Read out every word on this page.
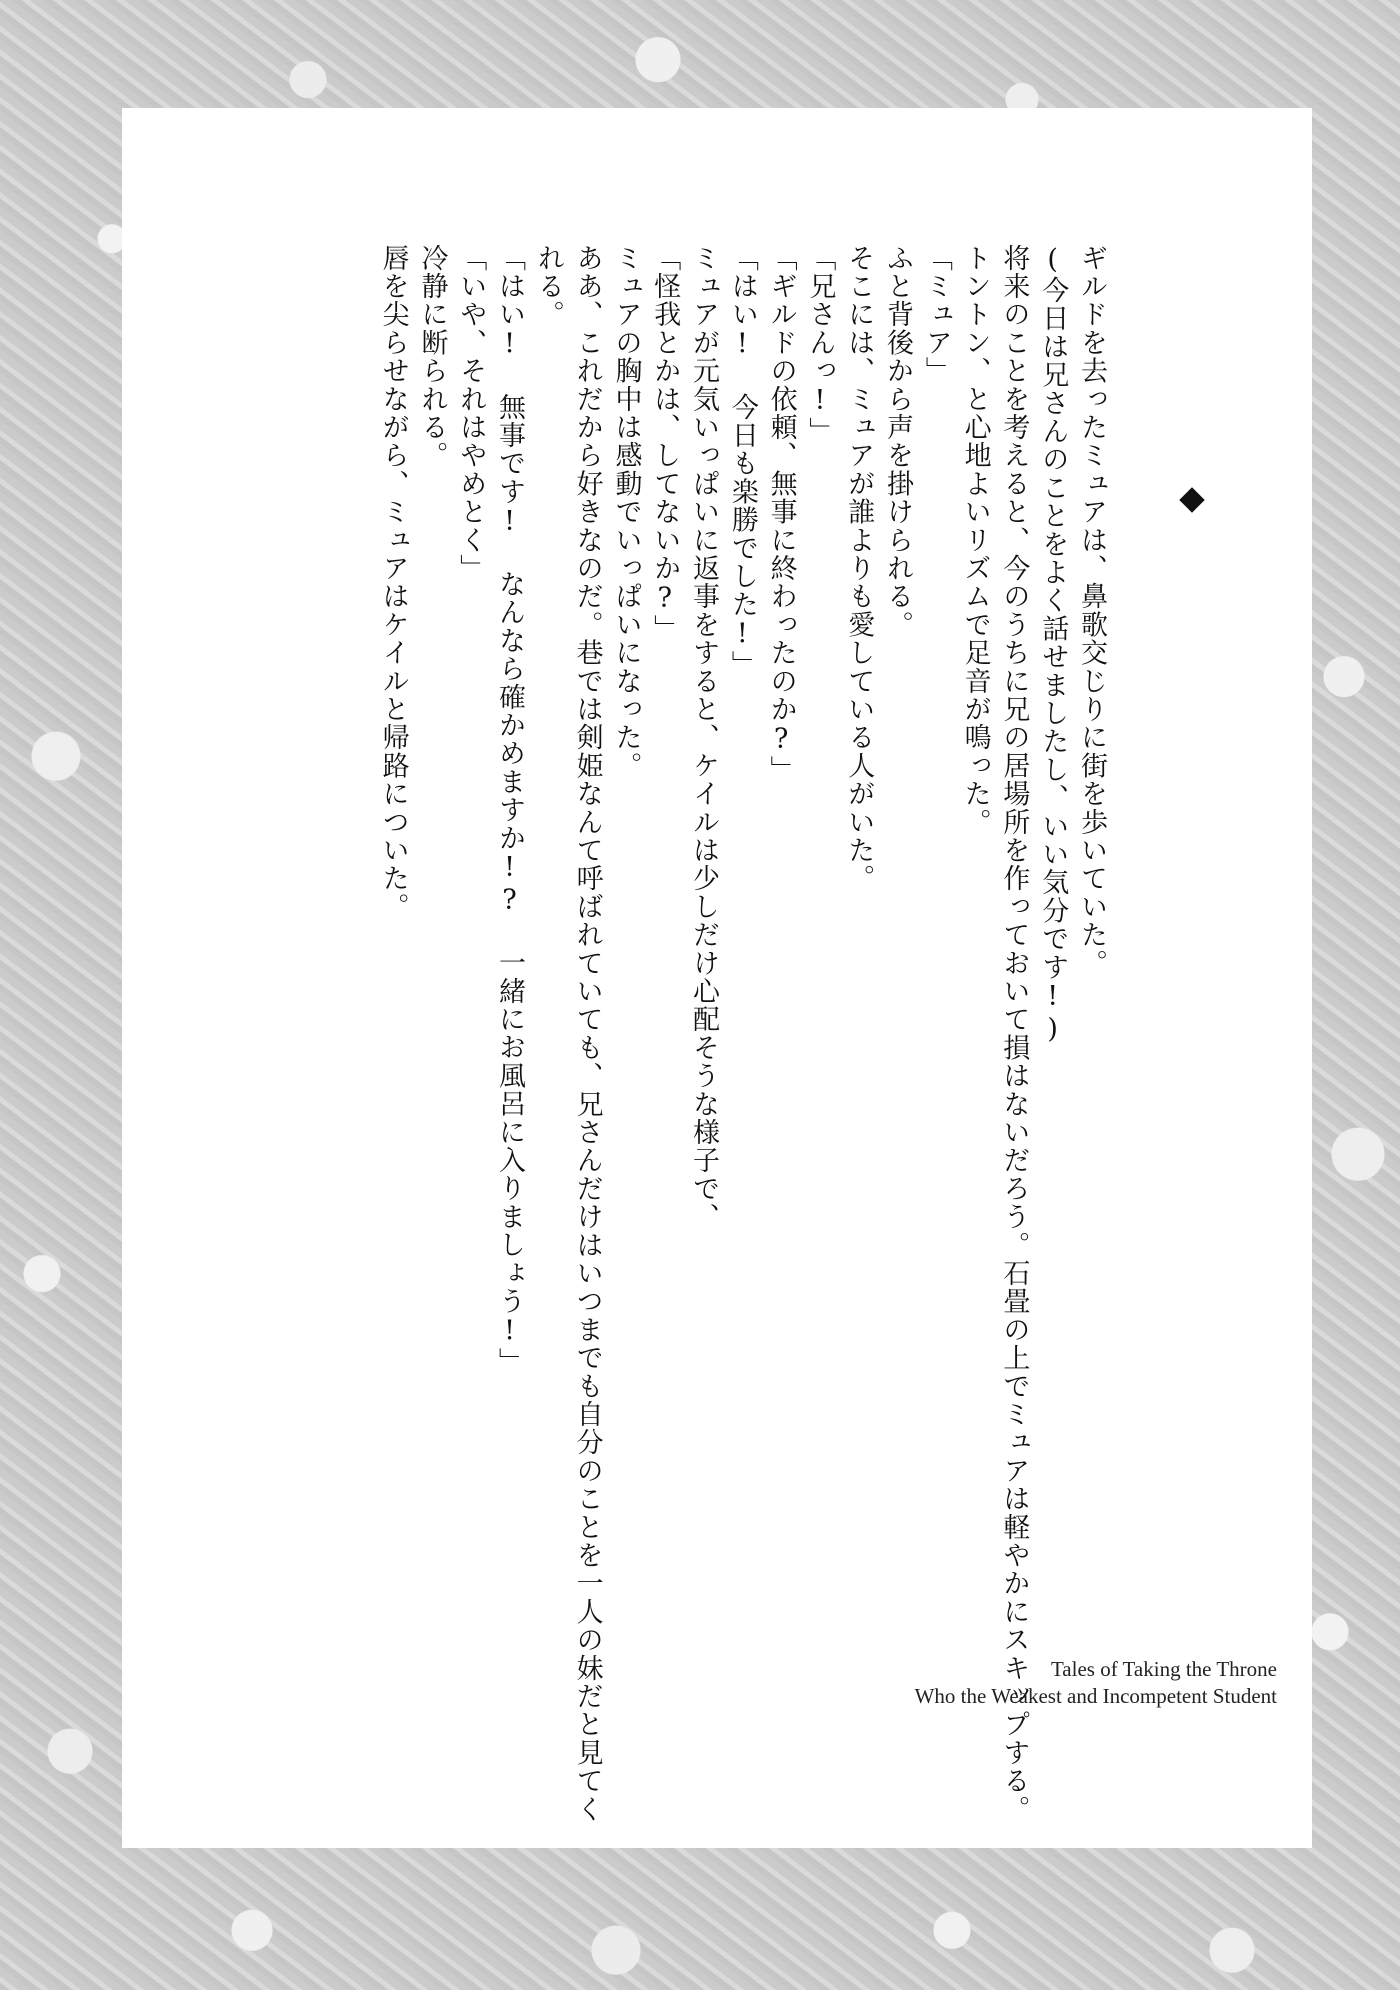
ギルドを去ったミュアは、鼻歌交じりに街を歩いていた。
(今日は兄さんのことをよく話せましたし、いい気分です!)
将来のことを考えると、今のうちに兄の居場所を作っておいて損はないだろう。石畳の上でミュアは軽やかにスキップする。
トントン、と心地よいリズムで足音が鳴った。
「ミュア」
ふと背後から声を掛けられる。
そこには、ミュアが誰よりも愛している人がいた。
「兄さんっ!」
「ギルドの依頼、無事に終わったのか?」
「はい! 今日も楽勝でした!」
ミュアが元気いっぱいに返事をすると、ケイルは少しだけ心配そうな様子で、
「怪我とかは、してないか?」
ミュアの胸中は感動でいっぱいになった。
ああ、これだから好きなのだ。巷では剣姫なんて呼ばれていても、兄さんだけはいつまでも自分のことを一人の妹だと見てく
れる。
「はい! 無事です! なんなら確かめますか!? 一緒にお風呂に入りましょう!」
「いや、それはやめとく」
冷静に断られる。
唇を尖らせながら、ミュアはケイルと帰路についた。
Tales of Taking the Throne
Who the Weakest and Incompetent Student
